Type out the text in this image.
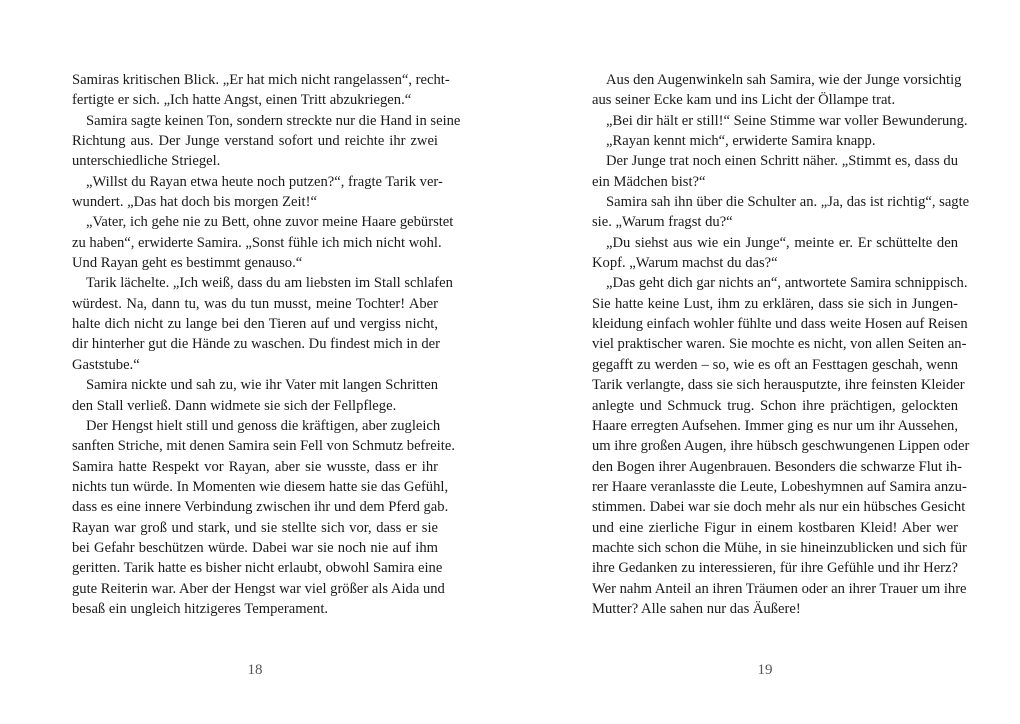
Samiras kritischen Blick. „Er hat mich nicht rangelassen“, recht-
fertigte er sich. „Ich hatte Angst, einen Tritt abzukriegen.“
Samira sagte keinen Ton, sondern streckte nur die Hand in seine
Richtung aus. Der Junge verstand sofort und reichte ihr zwei
unterschiedliche Striegel.
„Willst du Rayan etwa heute noch putzen?“, fragte Tarik ver-
wundert. „Das hat doch bis morgen Zeit!“
„Vater, ich gehe nie zu Bett, ohne zuvor meine Haare gebürstet
zu haben“, erwiderte Samira. „Sonst fühle ich mich nicht wohl.
Und Rayan geht es bestimmt genauso.“
Tarik lächelte. „Ich weiß, dass du am liebsten im Stall schlafen
würdest. Na, dann tu, was du tun musst, meine Tochter! Aber
halte dich nicht zu lange bei den Tieren auf und vergiss nicht,
dir hinterher gut die Hände zu waschen. Du findest mich in der
Gaststube.“
Samira nickte und sah zu, wie ihr Vater mit langen Schritten
den Stall verließ. Dann widmete sie sich der Fellpflege.
Der Hengst hielt still und genoss die kräftigen, aber zugleich
sanften Striche, mit denen Samira sein Fell von Schmutz befreite.
Samira hatte Respekt vor Rayan, aber sie wusste, dass er ihr
nichts tun würde. In Momenten wie diesem hatte sie das Gefühl,
dass es eine innere Verbindung zwischen ihr und dem Pferd gab.
Rayan war groß und stark, und sie stellte sich vor, dass er sie
bei Gefahr beschützen würde. Dabei war sie noch nie auf ihm
geritten. Tarik hatte es bisher nicht erlaubt, obwohl Samira eine
gute Reiterin war. Aber der Hengst war viel größer als Aida und
besaß ein ungleich hitzigeres Temperament.
18
Aus den Augenwinkeln sah Samira, wie der Junge vorsichtig
aus seiner Ecke kam und ins Licht der Öllampe trat.
„Bei dir hält er still!“ Seine Stimme war voller Bewunderung.
„Rayan kennt mich“, erwiderte Samira knapp.
Der Junge trat noch einen Schritt näher. „Stimmt es, dass du
ein Mädchen bist?“
Samira sah ihn über die Schulter an. „Ja, das ist richtig“, sagte
sie. „Warum fragst du?“
„Du siehst aus wie ein Junge“, meinte er. Er schüttelte den
Kopf. „Warum machst du das?“
„Das geht dich gar nichts an“, antwortete Samira schnippisch.
Sie hatte keine Lust, ihm zu erklären, dass sie sich in Jungen-
kleidung einfach wohler fühlte und dass weite Hosen auf Reisen
viel praktischer waren. Sie mochte es nicht, von allen Seiten an-
gegafft zu werden – so, wie es oft an Festtagen geschah, wenn
Tarik verlangte, dass sie sich herausputzte, ihre feinsten Kleider
anlegte und Schmuck trug. Schon ihre prächtigen, gelockten
Haare erregten Aufsehen. Immer ging es nur um ihr Aussehen,
um ihre großen Augen, ihre hübsch geschwungenen Lippen oder
den Bogen ihrer Augenbrauen. Besonders die schwarze Flut ih-
rer Haare veranlasste die Leute, Lobeshymnen auf Samira anzu-
stimmen. Dabei war sie doch mehr als nur ein hübsches Gesicht
und eine zierliche Figur in einem kostbaren Kleid! Aber wer
machte sich schon die Mühe, in sie hineinzublicken und sich für
ihre Gedanken zu interessieren, für ihre Gefühle und ihr Herz?
Wer nahm Anteil an ihren Träumen oder an ihrer Trauer um ihre
Mutter? Alle sahen nur das Äußere!
19
